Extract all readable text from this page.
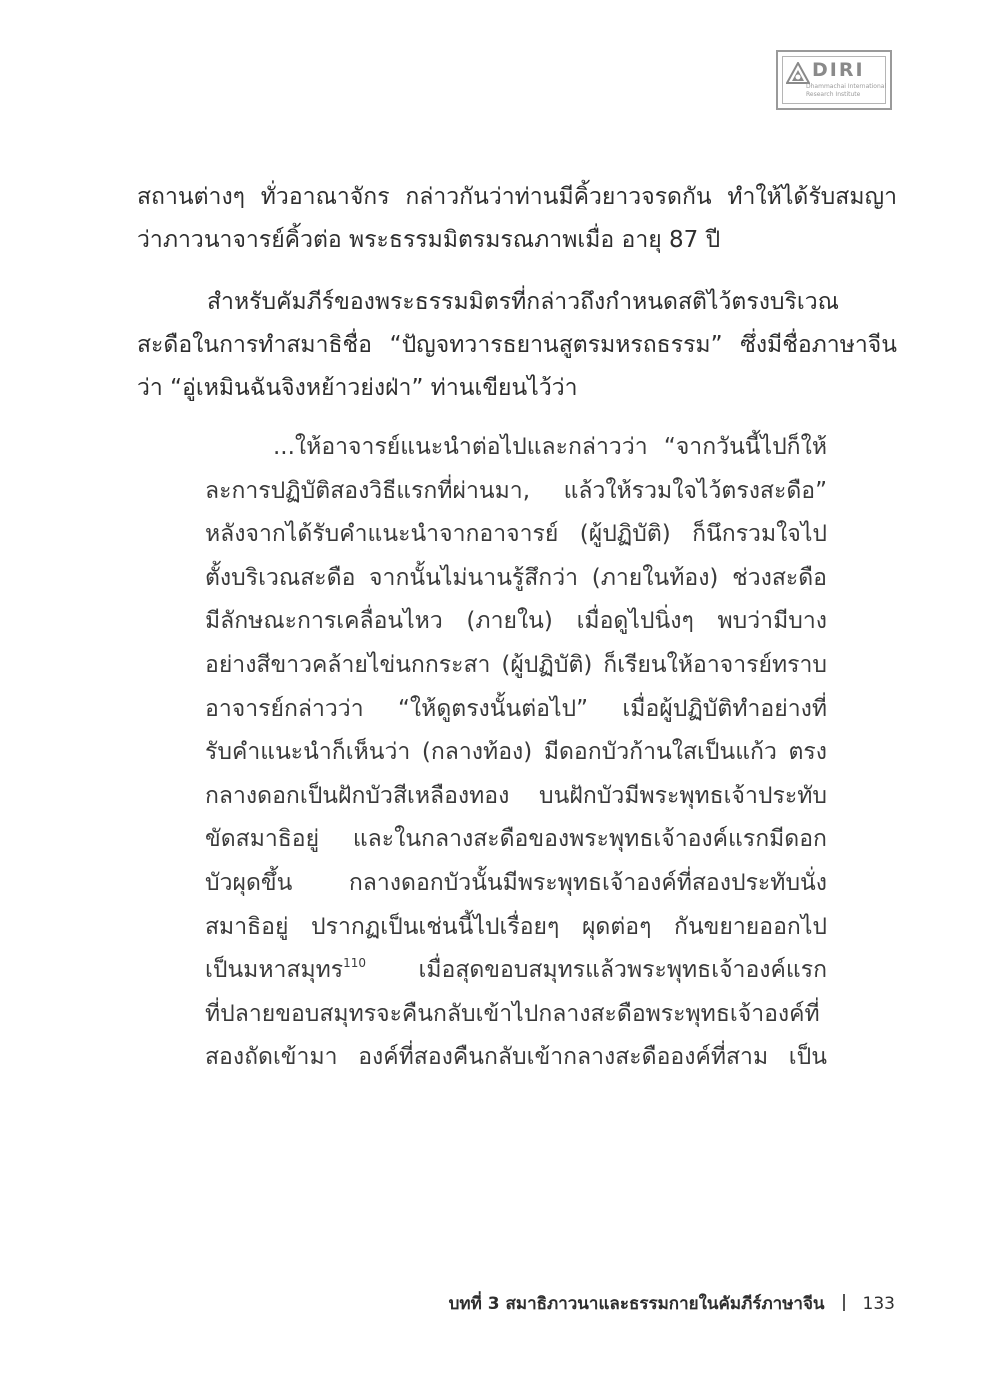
DIRI
Dhammachai International
Research Institute
สถานต่างๆ ทั่วอาณาจักร กล่าวกันว่าท่านมีคิ้วยาวจรดกัน ทำให้ได้รับสมญา
ว่าภาวนาจารย์คิ้วต่อ พระธรรมมิตรมรณภาพเมื่อ อายุ 87 ปี
สำหรับคัมภีร์ของพระธรรมมิตรที่กล่าวถึงกำหนดสติไว้ตรงบริเวณ
สะดือในการทำสมาธิชื่อ “ปัญจทวารธยานสูตรมหรถธรรม” ซึ่งมีชื่อภาษาจีน
ว่า “อู่เหมินฉันจิงหย้าวย่งฝ่า” ท่านเขียนไว้ว่า
...ให้อาจารย์แนะนำต่อไปและกล่าวว่า “จากวันนี้ไปก็ให้
ละการปฏิบัติสองวิธีแรกที่ผ่านมา, แล้วให้รวมใจไว้ตรงสะดือ”
หลังจากได้รับคำแนะนำจากอาจารย์ (ผู้ปฏิบัติ) ก็นึกรวมใจไป
ตั้งบริเวณสะดือ จากนั้นไม่นานรู้สึกว่า (ภายในท้อง) ช่วงสะดือ
มีลักษณะการเคลื่อนไหว (ภายใน) เมื่อดูไปนิ่งๆ พบว่ามีบาง
อย่างสีขาวคล้ายไข่นกกระสา (ผู้ปฏิบัติ) ก็เรียนให้อาจารย์ทราบ
อาจารย์กล่าวว่า “ให้ดูตรงนั้นต่อไป” เมื่อผู้ปฏิบัติทำอย่างที่
รับคำแนะนำก็เห็นว่า (กลางท้อง) มีดอกบัวก้านใสเป็นแก้ว ตรง
กลางดอกเป็นฝักบัวสีเหลืองทอง บนฝักบัวมีพระพุทธเจ้าประทับ
ขัดสมาธิอยู่ และในกลางสะดือของพระพุทธเจ้าองค์แรกมีดอก
บัวผุดขึ้น กลางดอกบัวนั้นมีพระพุทธเจ้าองค์ที่สองประทับนั่ง
สมาธิอยู่ ปรากฏเป็นเช่นนี้ไปเรื่อยๆ ผุดต่อๆ กันขยายออกไป
เป็นมหาสมุทร$^{110}$ เมื่อสุดขอบสมุทรแล้วพระพุทธเจ้าองค์แรก
ที่ปลายขอบสมุทรจะคืนกลับเข้าไปกลางสะดือพระพุทธเจ้าองค์ที่
สองถัดเข้ามา องค์ที่สองคืนกลับเข้ากลางสะดือองค์ที่สาม เป็น
บทที่ 3 สมาธิภาวนาและธรรมกายในคัมภีร์ภาษาจีน 133
